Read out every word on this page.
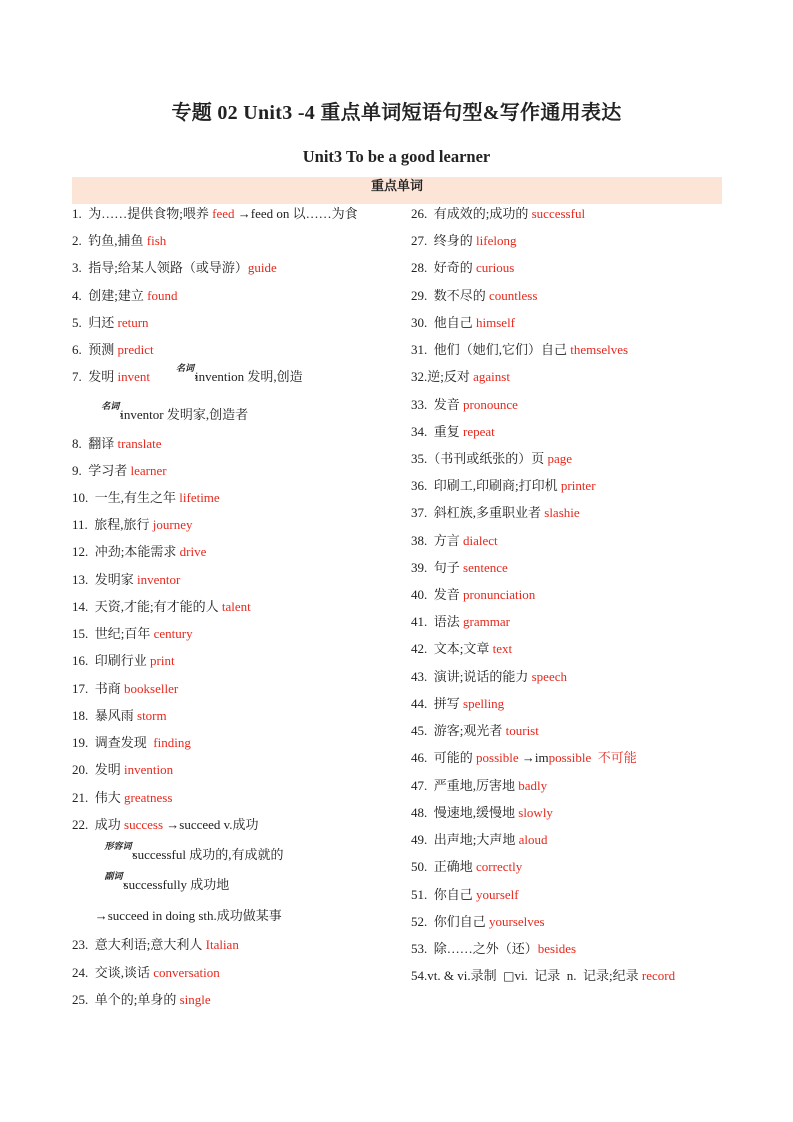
专题 02 Unit3 -4 重点单词短语句型&写作通用表达
Unit3 To be a good learner
重点单词
1.  为……提供食物;喂养 feed →feed on 以……为食
2.  钓鱼,捕鱼 fish
3.  指导;给某人领路（或导游）guide
4.  创建;建立 found
5.  归还 return
6.  预测 predict
7.  发明 invent	名词 ›invention 发明,创造
名词 ›inventor 发明家,创造者
8.  翻译 translate
9.  学习者 learner
10.  一生,有生之年 lifetime
11.  旅程,旅行 journey
12.  冲劲;本能需求 drive
13.  发明家 inventor
14.  天资,才能;有才能的人 talent
15.  世纪;百年 century
16.  印刷行业 print
17.  书商 bookseller
18.  暴风雨 storm
19.  调查发现  finding
20.  发明 invention
21.  伟大 greatness
22.  成功 success →succeed v.成功
形容词 ›successful 成功的,有成就的
副词 ›successfully 成功地
→succeed in doing sth.成功做某事
23.  意大利语;意大利人 Italian
24.  交谈,谈话 conversation
25.  单个的;单身的 single
26.  有成效的;成功的 successful
27.  终身的 lifelong
28.  好奇的 curious
29.  数不尽的 countless
30.  他自己 himself
31.  他们（她们,它们）自己 themselves
32.逆;反对 against
33.  发音 pronounce
34.  重复 repeat
35.（书刊或纸张的）页 page
36.  印刷工,印刷商;打印机 printer
37.  斜杠族,多重职业者 slashie
38.  方言 dialect
39.  句子 sentence
40.  发音 pronunciation
41.  语法 grammar
42.  文本;文章 text
43.  演讲;说话的能力 speech
44.  拼写 spelling
45.  游客;观光者 tourist
46.  可能的 possible →impossible  不可能
47.  严重地,厉害地 badly
48.  慢速地,缓慢地 slowly
49.  出声地;大声地 aloud
50.  正确地 correctly
51.  你自己 yourself
52.  你们自己 yourselves
53.  除……之外（还）besides
54.vt. & vi.录制  □vi.  记录  n.  记录;纪录 record
